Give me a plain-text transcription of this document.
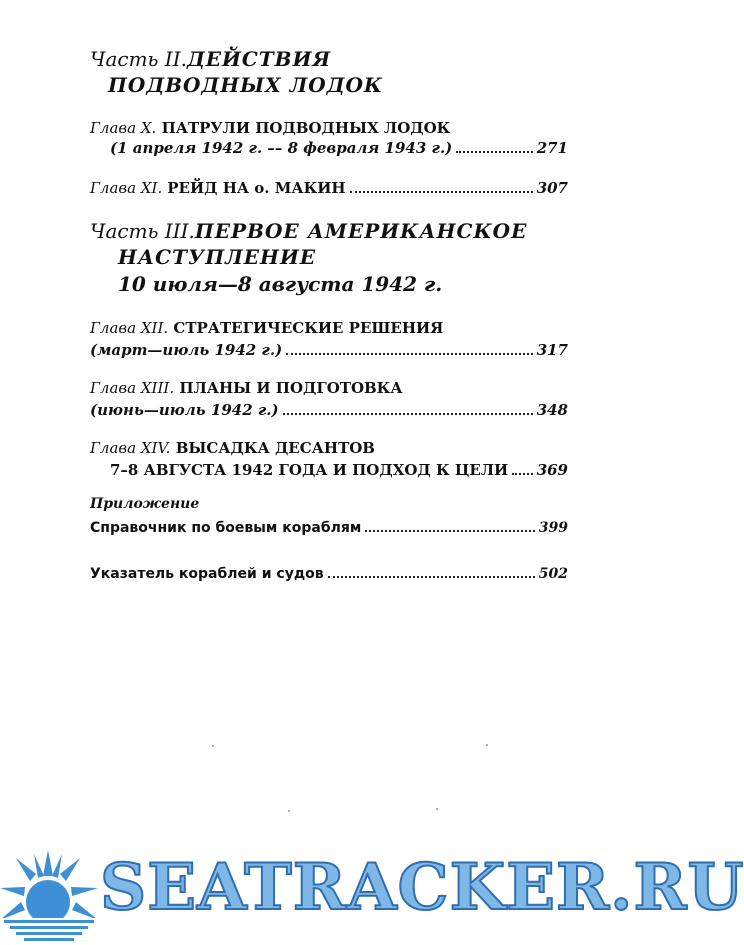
Часть II.ДЕЙСТВИЯ
ПОДВОДНЫХ ЛОДОК
Глава X. ПАТРУЛИ ПОДВОДНЫХ ЛОДОК
(1 апреля 1942 г. –– 8 февраля 1943 г.)	271
Глава XI. РЕЙД НА о. МАКИН	307
Часть III.ПЕРВОЕ АМЕРИКАНСКОЕ
НАСТУПЛЕНИЕ
10 июля—8 августа 1942 г.
Глава XII. СТРАТЕГИЧЕСКИЕ РЕШЕНИЯ
(март—июль 1942 г.)	317
Глава XIII. ПЛАНЫ И ПОДГОТОВКА
(июнь—июль 1942 г.)	348
Глава XIV. ВЫСАДКА ДЕСАНТОВ
7–8 АВГУСТА 1942 ГОДА И ПОДХОД К ЦЕЛИ 369
Приложение
Справочник по боевым кораблям	399
Указатель кораблей и судов	502
SEATRACKER.RU
